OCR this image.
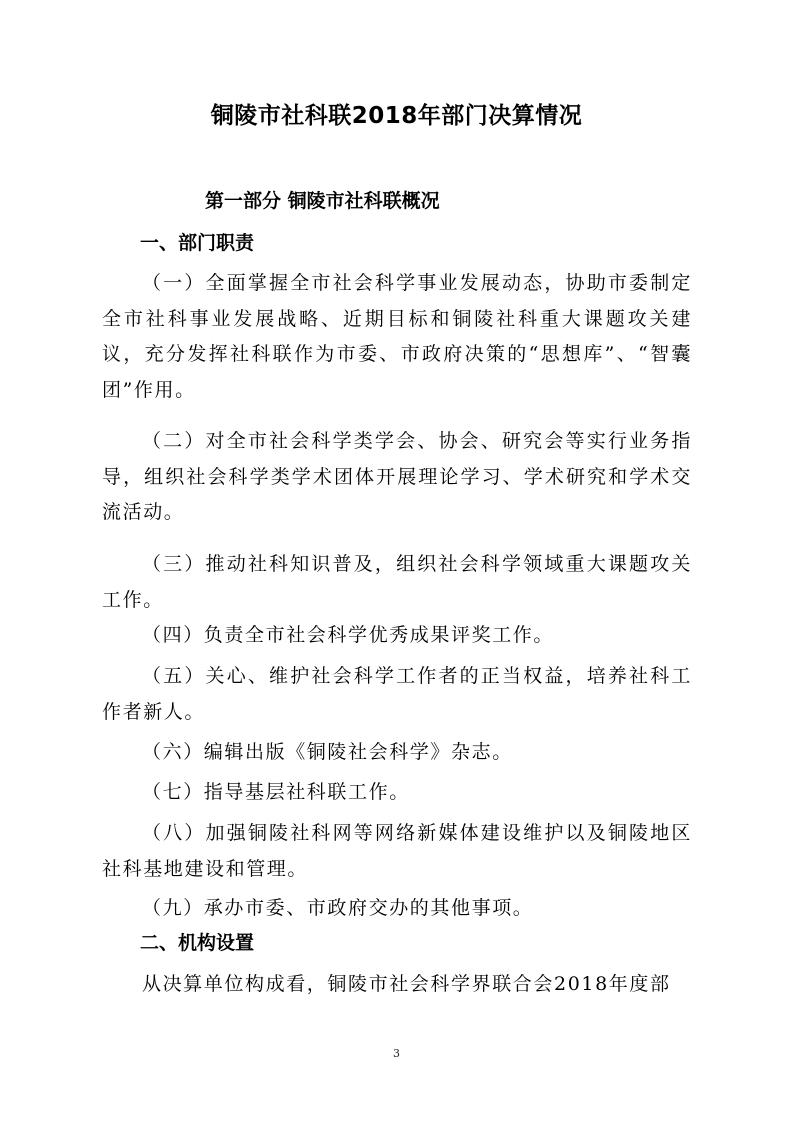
铜陵市社科联2018年部门决算情况
第一部分 铜陵市社科联概况
一、部门职责
（一）全面掌握全市社会科学事业发展动态，协助市委制定全市社科事业发展战略、近期目标和铜陵社科重大课题攻关建议，充分发挥社科联作为市委、市政府决策的“思想库”、“智囊团”作用。
（二）对全市社会科学类学会、协会、研究会等实行业务指导，组织社会科学类学术团体开展理论学习、学术研究和学术交流活动。
（三）推动社科知识普及，组织社会科学领域重大课题攻关工作。
（四）负责全市社会科学优秀成果评奖工作。
（五）关心、维护社会科学工作者的正当权益，培养社科工作者新人。
（六）编辑出版《铜陵社会科学》杂志。
（七）指导基层社科联工作。
（八）加强铜陵社科网等网络新媒体建设维护以及铜陵地区社科基地建设和管理。
（九）承办市委、市政府交办的其他事项。
二、机构设置
从决算单位构成看，铜陵市社会科学界联合会2018年度部
3
